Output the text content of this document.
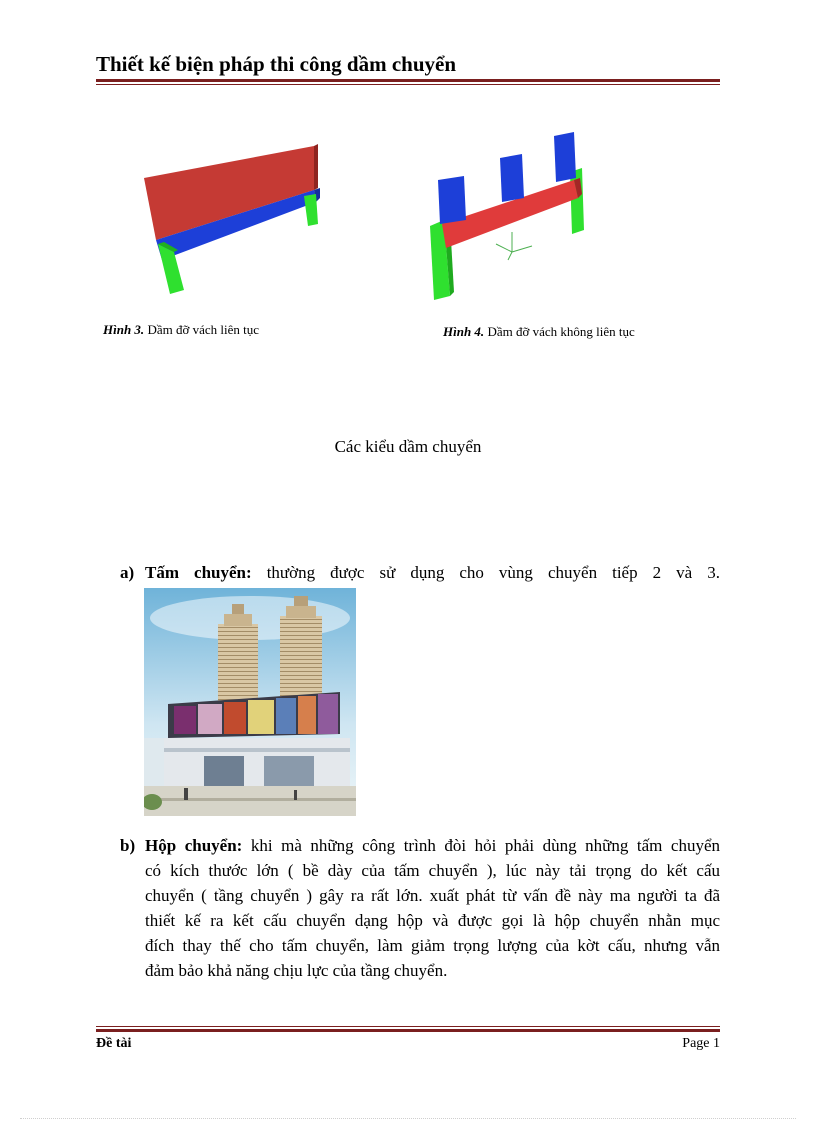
Thiết kế biện pháp thi công dầm chuyển
Hình 3. Dầm đỡ vách liên tục	Hình 4. Dầm đỡ vách không liên tục
Các kiểu dầm chuyển
a) Tấm chuyển: thường được sử dụng cho vùng chuyển tiếp 2 và 3.
b) Hộp chuyển: khi mà những công trình đòi hỏi phải dùng những tấm chuyển
có kích thước lớn ( bề dày của tấm chuyển ), lúc này tải trọng do kết cấu
chuyển ( tầng chuyển ) gây ra rất lớn. xuất phát từ vấn đề này ma người ta đã
thiết kế ra kết cấu chuyển dạng hộp và được gọi là hộp chuyển nhằn mục
đích thay thế cho tấm chuyển, làm giảm trọng lượng của kờt cấu, nhưng vẫn
đảm bảo khả năng chịu lực của tầng chuyển.
Đề tài	Page 1
